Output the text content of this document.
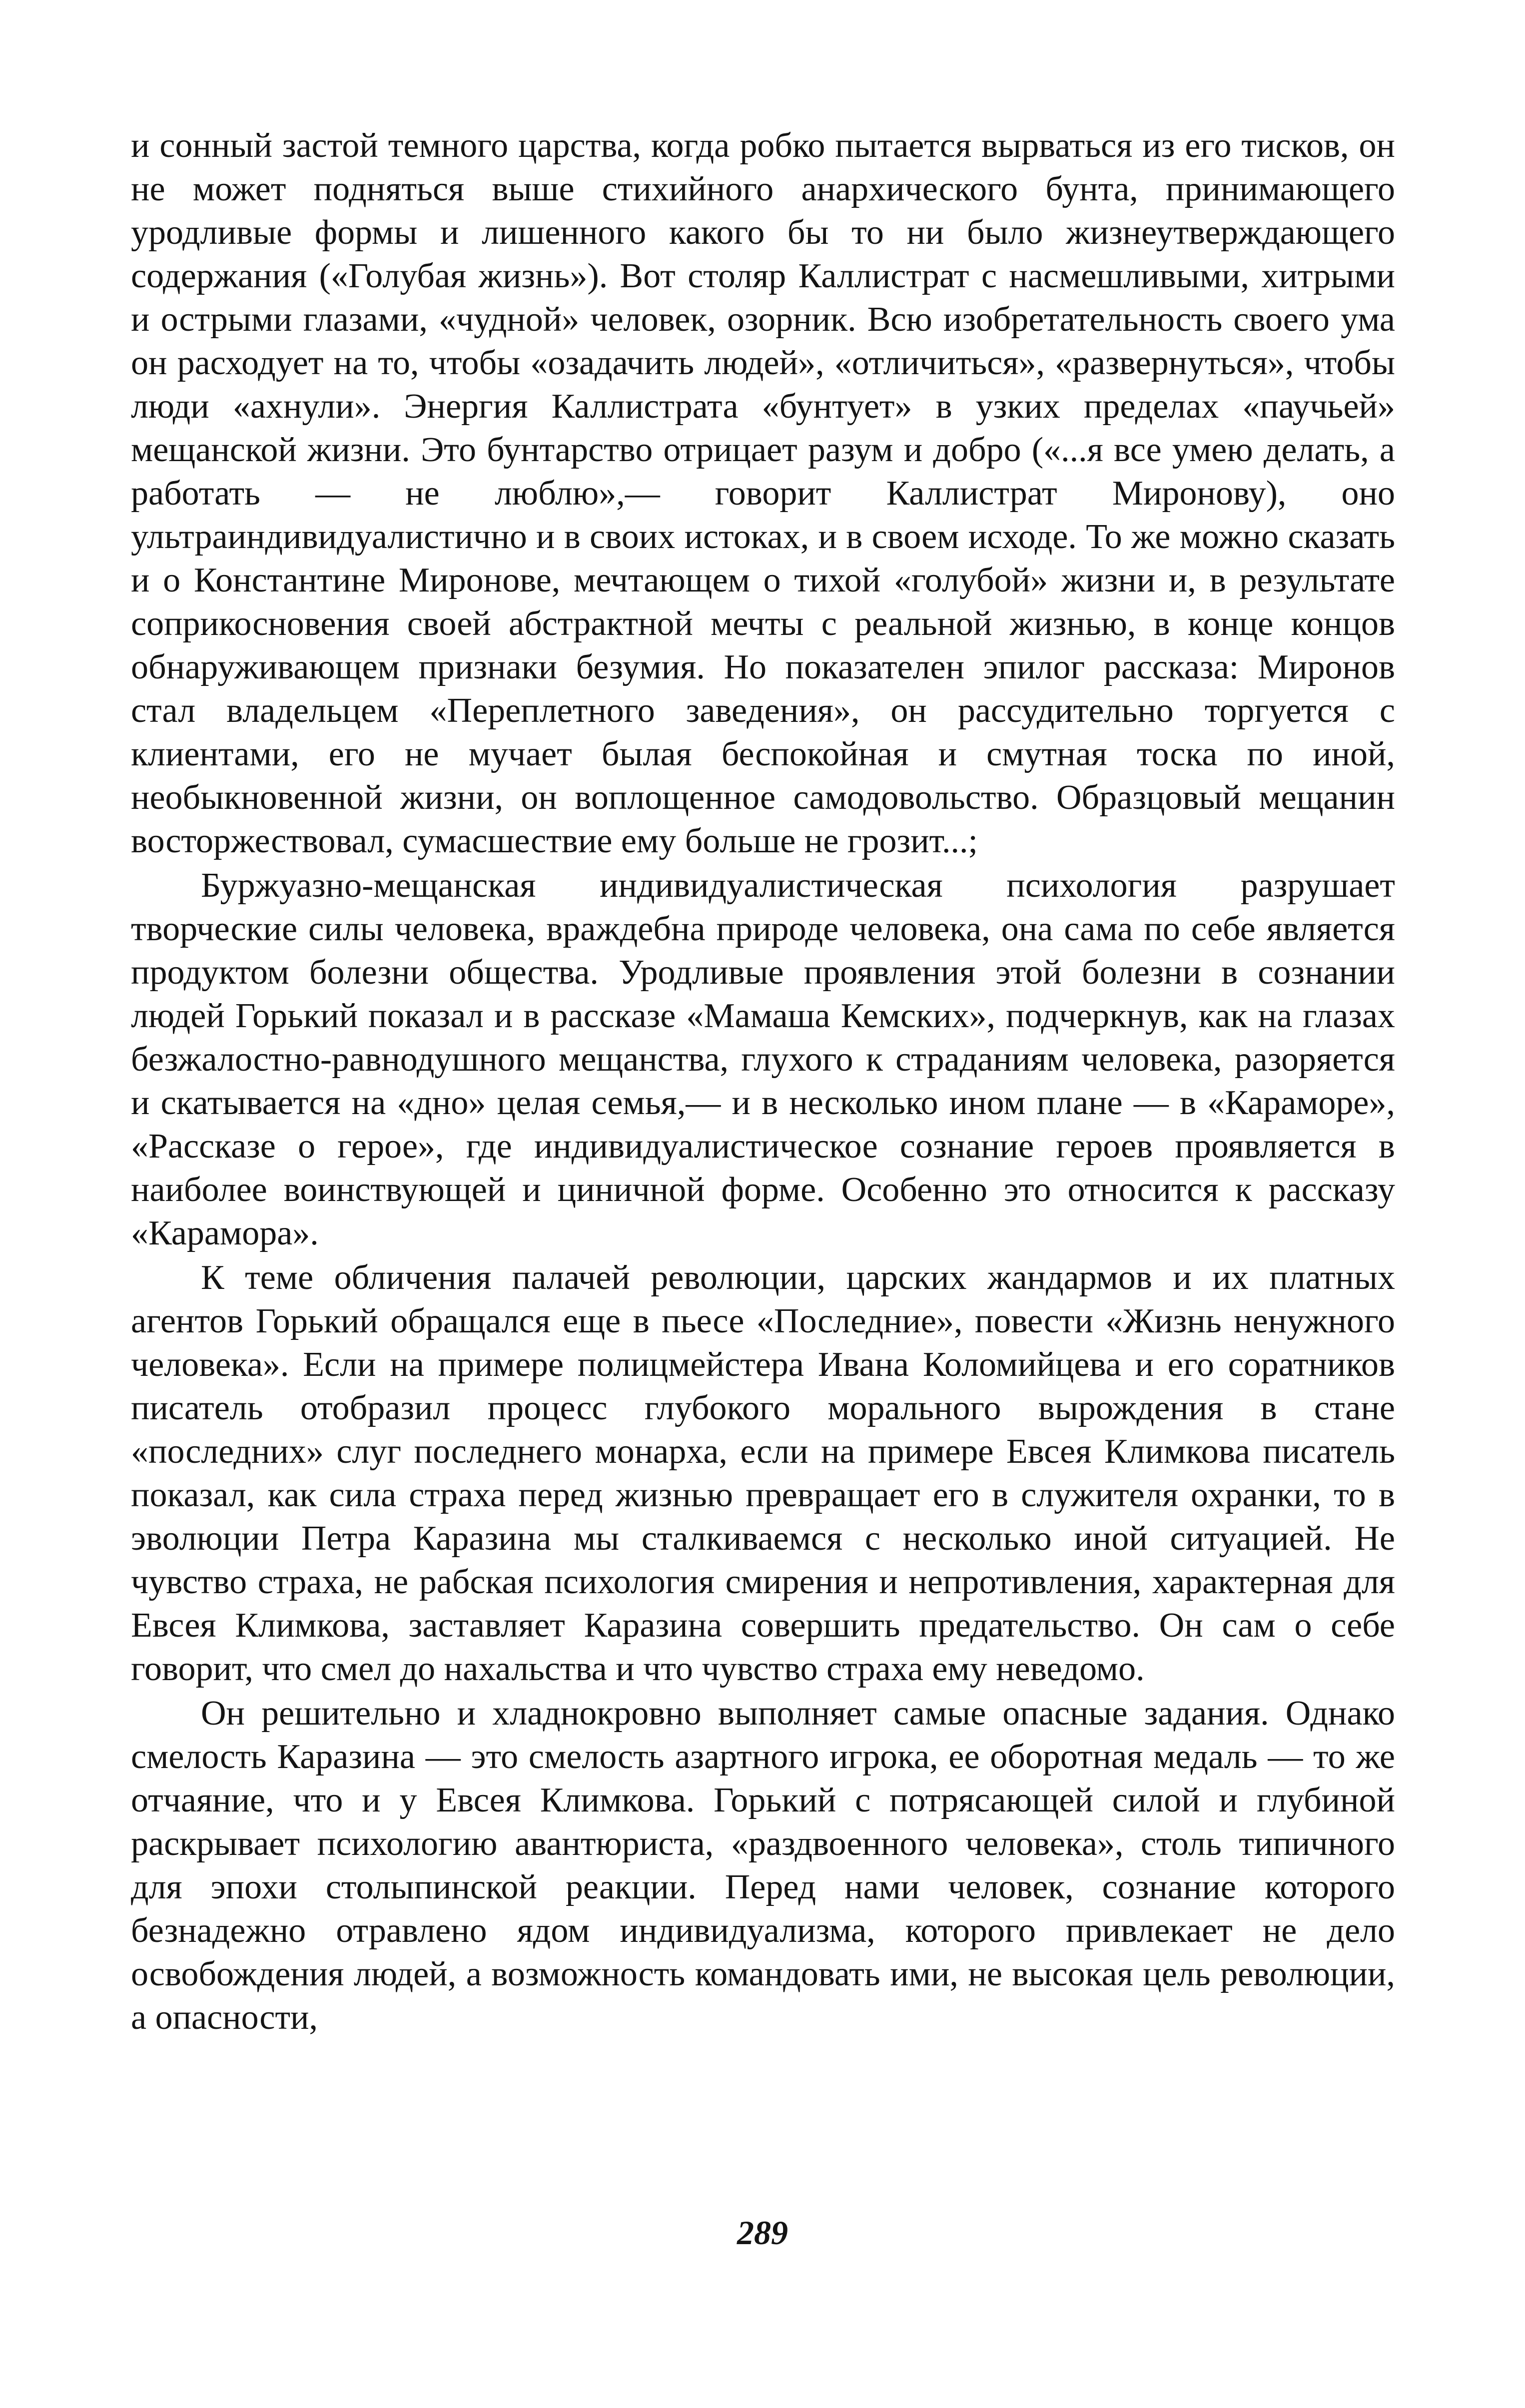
и сонный застой темного царства, когда робко пытается вырваться из его тисков, он не может подняться выше стихийного анархического бунта, принимающего уродливые формы и лишенного какого бы то ни было жизнеутверждающего содержания («Голубая жизнь»). Вот столяр Каллистрат с насмешливыми, хитрыми и острыми глазами, «чудной» человек, озорник. Всю изобретательность своего ума он расходует на то, чтобы «озадачить людей», «отличиться», «развернуться», чтобы люди «ахнули». Энергия Каллистрата «бунтует» в узких пределах «паучьей» мещанской жизни. Это бунтарство отрицает разум и добро («...я все умею делать, а работать — не люблю»,— говорит Каллистрат Миронову), оно ультраиндивидуалистично и в своих истоках, и в своем исходе. То же можно сказать и о Константине Миронове, мечтающем о тихой «голубой» жизни и, в результате соприкосновения своей абстрактной мечты с реальной жизнью, в конце концов обнаруживающем признаки безумия. Но показателен эпилог рассказа: Миронов стал владельцем «Переплетного заведения», он рассудительно торгуется с клиентами, его не мучает былая беспокойная и смутная тоска по иной, необыкновенной жизни, он воплощенное самодовольство. Образцовый мещанин восторжествовал, сумасшествие ему больше не грозит...;

Буржуазно-мещанская индивидуалистическая психология разрушает творческие силы человека, враждебна природе человека, она сама по себе является продуктом болезни общества. Уродливые проявления этой болезни в сознании людей Горький показал и в рассказе «Мамаша Кемских», подчеркнув, как на глазах безжалостно-равнодушного мещанства, глухого к страданиям человека, разоряется и скатывается на «дно» целая семья,— и в несколько ином плане — в «Караморе», «Рассказе о герое», где индивидуалистическое сознание героев проявляется в наиболее воинствующей и циничной форме. Особенно это относится к рассказу «Карамора».

К теме обличения палачей революции, царских жандармов и их платных агентов Горький обращался еще в пьесе «Последние», повести «Жизнь ненужного человека». Если на примере полицмейстера Ивана Коломийцева и его соратников писатель отобразил процесс глубокого морального вырождения в стане «последних» слуг последнего монарха, если на примере Евсея Климкова писатель показал, как сила страха перед жизнью превращает его в служителя охранки, то в эволюции Петра Каразина мы сталкиваемся с несколько иной ситуацией. Не чувство страха, не рабская психология смирения и непротивления, характерная для Евсея Климкова, заставляет Каразина совершить предательство. Он сам о себе говорит, что смел до нахальства и что чувство страха ему неведомо.

Он решительно и хладнокровно выполняет самые опасные задания. Однако смелость Каразина — это смелость азартного игрока, ее оборотная медаль — то же отчаяние, что и у Евсея Климкова. Горький с потрясающей силой и глубиной раскрывает психологию авантюриста, «раздвоенного человека», столь типичного для эпохи столыпинской реакции. Перед нами человек, сознание которого безнадежно отравлено ядом индивидуализма, которого привлекает не дело освобождения людей, а возможность командовать ими, не высокая цель революции, а опасности,

289
